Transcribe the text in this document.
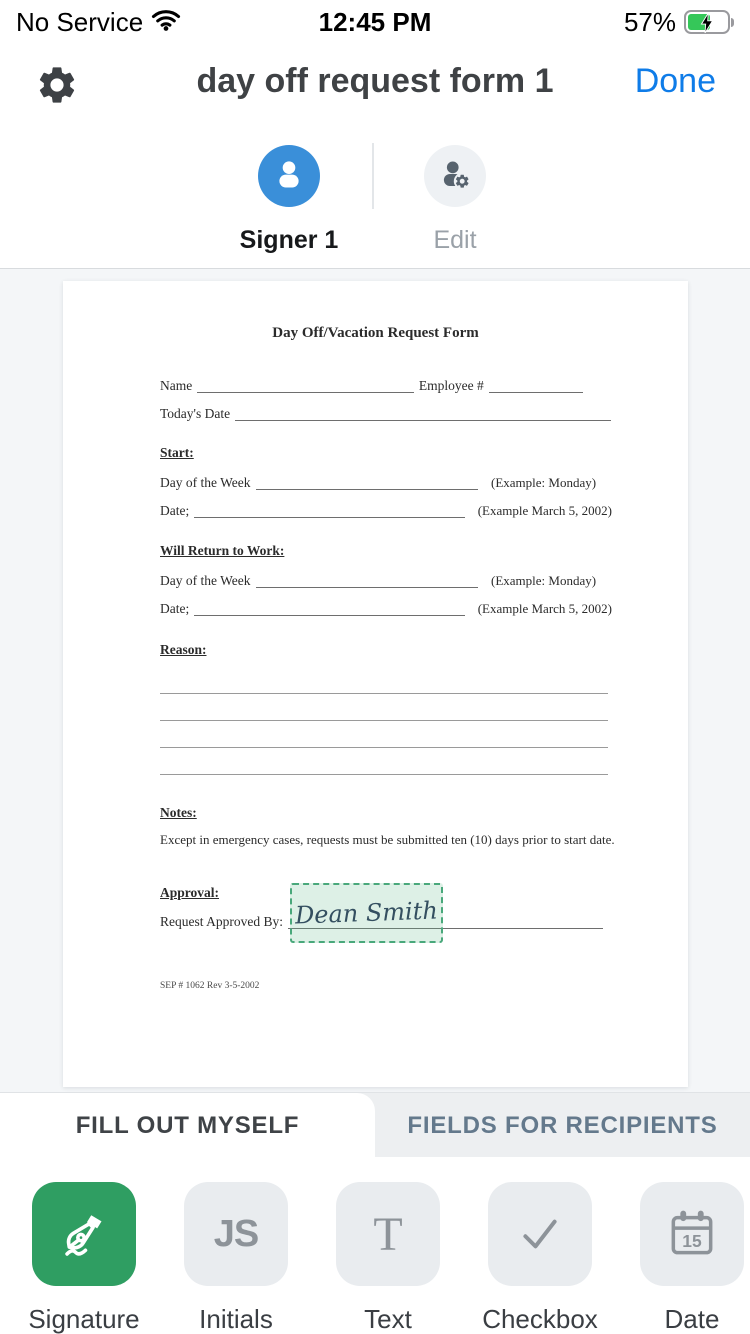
12:45 PM
No Service	57%
day off request form 1	Done
Signer 1	Edit
Day Off/Vacation Request Form
Name	Employee #
Today's Date
Start:
Day of the Week	(Example: Monday)
Date;	(Example March 5, 2002)
Will Return to Work:
Day of the Week	(Example: Monday)
Date;	(Example March 5, 2002)
Reason:
Notes:
Except in emergency cases, requests must be submitted ten (10) days prior to start date.
Approval:
Request Approved By: Dean Smith
SEP # 1062 Rev 3-5-2002
FILL OUT MYSELF	FIELDS FOR RECIPIENTS
Signature
JS
Initials
T
Text	Checkbox
15
Date
